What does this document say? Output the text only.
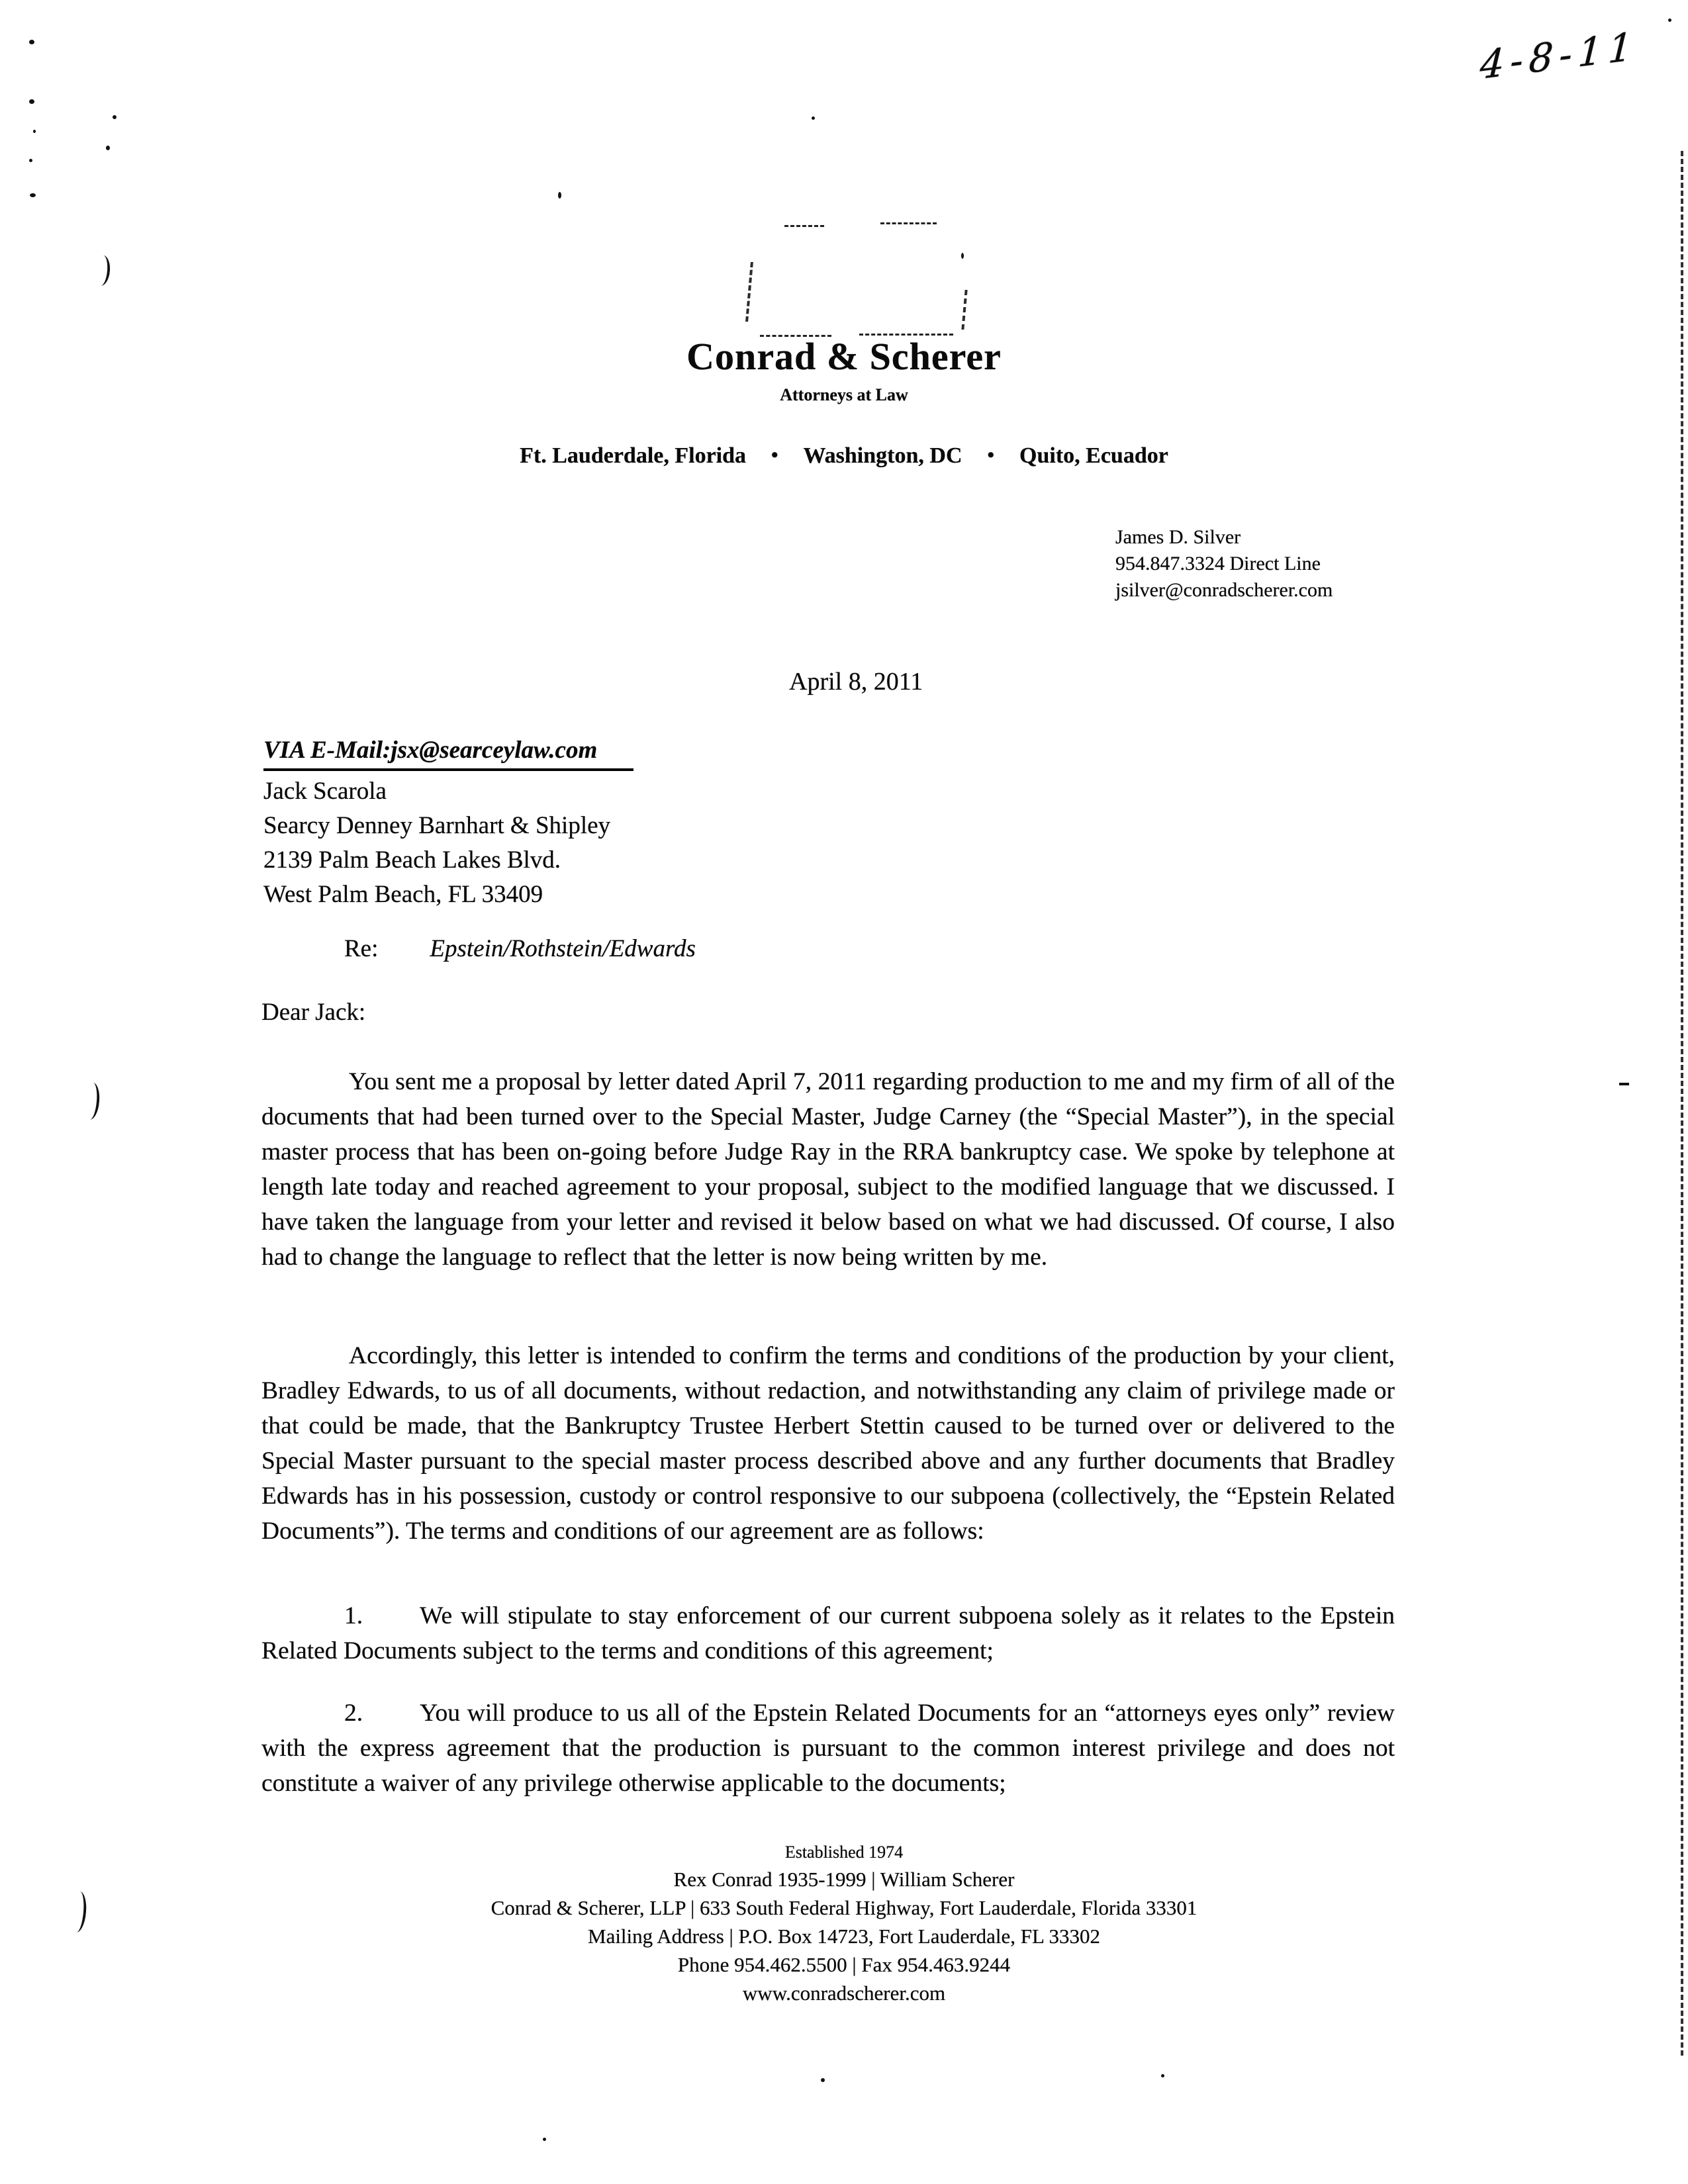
4-8-11
Conrad & Scherer
Attorneys at Law
Ft. Lauderdale, Florida • Washington, DC • Quito, Ecuador
James D. Silver
954.847.3324 Direct Line
jsilver@conradscherer.com
April 8, 2011
VIA E-Mail:jsx@searceylaw.com
Jack Scarola
Searcy Denney Barnhart & Shipley
2139 Palm Beach Lakes Blvd.
West Palm Beach, FL 33409
Re: Epstein/Rothstein/Edwards
Dear Jack:

You sent me a proposal by letter dated April 7, 2011 regarding production to me and my firm of all of the documents that had been turned over to the Special Master, Judge Carney (the “Special Master”), in the special master process that has been on-going before Judge Ray in the RRA bankruptcy case. We spoke by telephone at length late today and reached agreement to your proposal, subject to the modified language that we discussed. I have taken the language from your letter and revised it below based on what we had discussed. Of course, I also had to change the language to reflect that the letter is now being written by me.

Accordingly, this letter is intended to confirm the terms and conditions of the production by your client, Bradley Edwards, to us of all documents, without redaction, and notwithstanding any claim of privilege made or that could be made, that the Bankruptcy Trustee Herbert Stettin caused to be turned over or delivered to the Special Master pursuant to the special master process described above and any further documents that Bradley Edwards has in his possession, custody or control responsive to our subpoena (collectively, the “Epstein Related Documents”). The terms and conditions of our agreement are as follows:

1. We will stipulate to stay enforcement of our current subpoena solely as it relates to the Epstein Related Documents subject to the terms and conditions of this agreement;

2. You will produce to us all of the Epstein Related Documents for an “attorneys eyes only” review with the express agreement that the production is pursuant to the common interest privilege and does not constitute a waiver of any privilege otherwise applicable to the documents;

Established 1974
Rex Conrad 1935-1999 | William Scherer
Conrad & Scherer, LLP | 633 South Federal Highway, Fort Lauderdale, Florida 33301
Mailing Address | P.O. Box 14723, Fort Lauderdale, FL 33302
Phone 954.462.5500 | Fax 954.463.9244
www.conradscherer.com
